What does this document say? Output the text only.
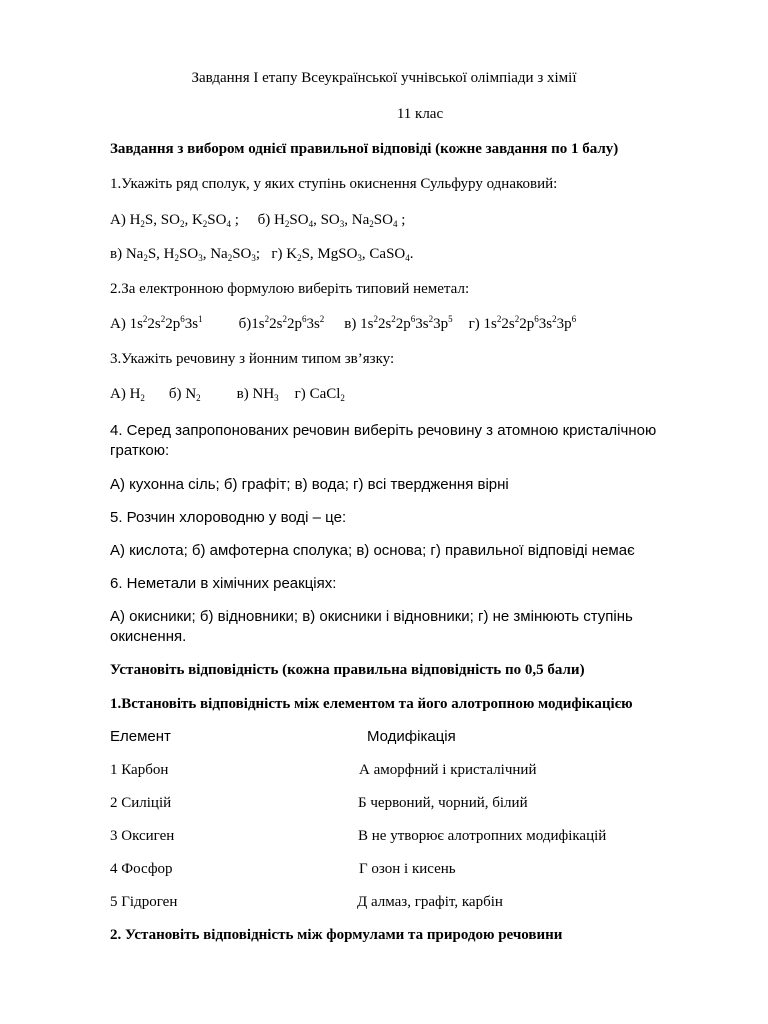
Завдання І етапу Всеукраїнської учнівської олімпіади з хімії
11 клас
Завдання з вибором однієї правильної відповіді (кожне завдання по 1 балу)
1.Укажіть ряд сполук, у яких ступінь окиснення Сульфуру однаковий:
А) $H_2S$, $SO_2$, $K_2SO_4$ ;     б) $H_2SO_4$, $SO_3$, $Na_2SO_4$ ;
в) $Na_2S$, $H_2SO_3$, $Na_2SO_3$;   г) $K_2S$, MgSO$_3$, CaSO$_4$.
2.За електронною формулою виберіть типовий неметал:
А) $1s^22s^22p^63s^1$ $б)1s^22s^22p^63s^2$ в) $1s^22s^22p^63s^23p^5$ г) $1s^22s^22p^63s^23p^6$
3.Укажіть речовину з йонним типом зв’язку:
А) $H_2$ б) $N_2$ в) $NH_3$ г) CaCl$_2$
4. Серед запропонованих речовин виберіть речовину з атомною кристалічною граткою:
А) кухонна сіль; б) графіт; в) вода; г) всі твердження вірні
5. Розчин хлороводню у воді – це:
А) кислота; б) амфотерна сполука; в) основа; г) правильної відповіді немає
6. Неметали в хімічних реакціях:
А) окисники; б) відновники; в) окисники і відновники; г) не змінюють ступінь окиснення.
Установіть відповідність (кожна правильна відповідність по 0,5 бали)
1.Встановіть відповідність між елементом та його алотропною модифікацією
Елемент	Модифікація
1 Карбон	А аморфний і кристалічний
2 Силіцій	Б червоний, чорний, білий
3 Оксиген	В не утворює алотропних модифікацій
4 Фосфор	Г озон і кисень
5 Гідроген	Д алмаз, графіт, карбін
2. Установіть відповідність між формулами та природою речовини
